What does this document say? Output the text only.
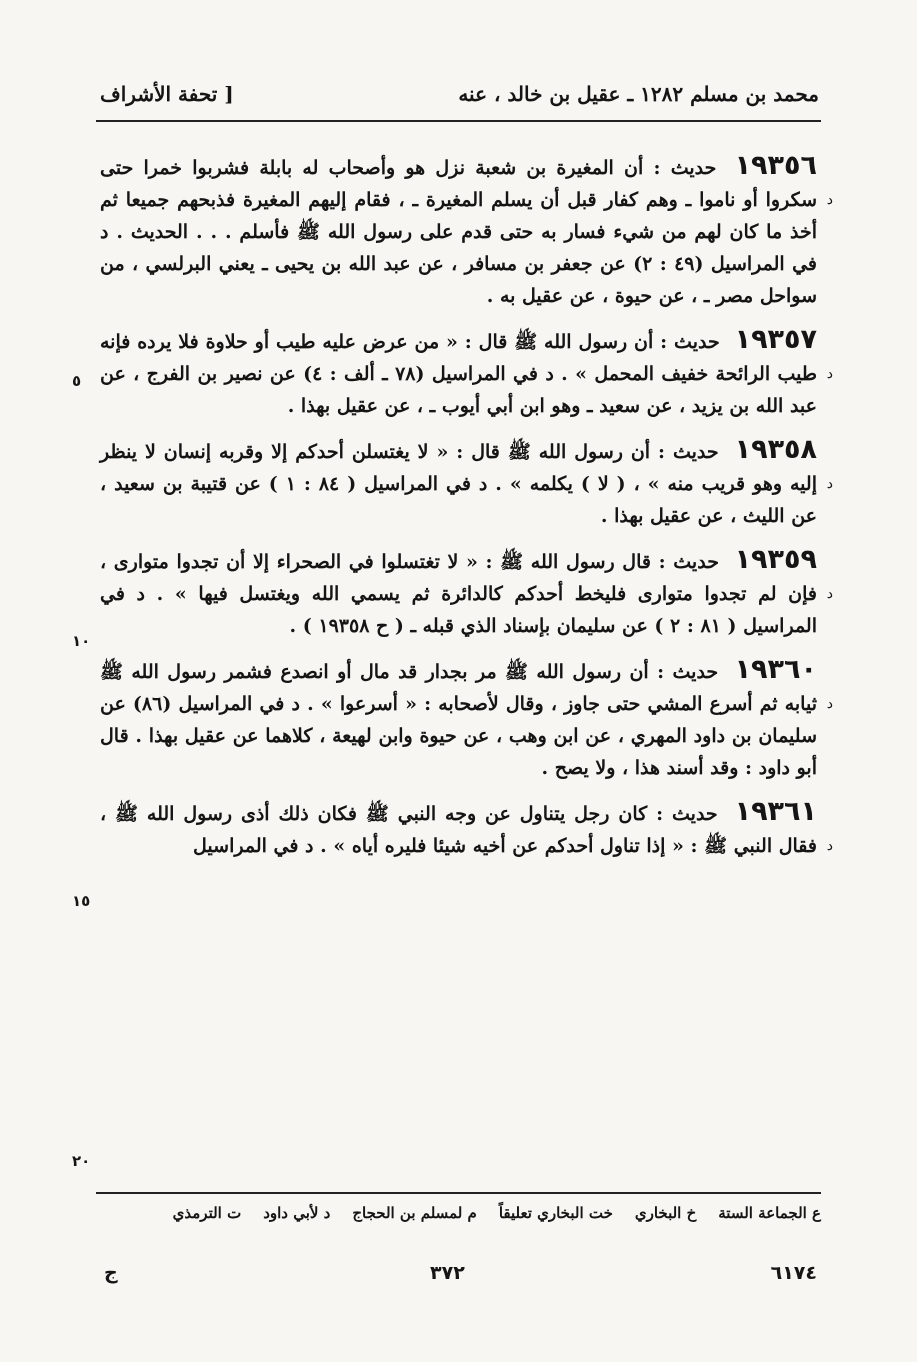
محمد بن مسلم ١٢٨٢ ـ عقيل بن خالد ، عنه
[ تحفة الأشراف

١٩٣٥٦
د
حديث : أن المغيرة بن شعبة نزل هو وأصحاب له بابلة فشربوا خمرا حتى سكروا أو ناموا ـ وهم كفار قبل أن يسلم المغيرة ـ ، فقام إليهم المغيرة فذبحهم جميعا ثم أخذ ما كان لهم من شيء فسار به حتى قدم على رسول الله ﷺ فأسلم . . . الحديث . د في المراسيل (٤٩ : ٢) عن جعفر بن مسافر ، عن عبد الله بن يحيى ـ يعني البرلسي ، من سواحل مصر ـ ، عن حيوة ، عن عقيل به .

١٩٣٥٧
د
حديث : أن رسول الله ﷺ قال : « من عرض عليه طيب أو حلاوة فلا يرده فإنه طيب الرائحة خفيف المحمل » . د في المراسيل (٧٨ ـ ألف : ٤) عن نصير بن الفرج ، عن عبد الله بن يزيد ، عن سعيد ـ وهو ابن أبي أيوب ـ ، عن عقيل بهذا .

١٩٣٥٨
د
حديث : أن رسول الله ﷺ قال : « لا يغتسلن أحدكم إلا وقربه إنسان لا ينظر إليه وهو قريب منه » ، ( لا ) يكلمه » . د في المراسيل ( ٨٤ : ١ ) عن قتيبة بن سعيد ، عن الليث ، عن عقيل بهذا .

١٩٣٥٩
د
حديث : قال رسول الله ﷺ : « لا تغتسلوا في الصحراء إلا أن تجدوا متوارى ، فإن لم تجدوا متوارى فليخط أحدكم كالدائرة ثم يسمي الله ويغتسل فيها » . د في المراسيل ( ٨١ : ٢ ) عن سليمان بإسناد الذي قبله ـ ( ح ١٩٣٥٨ ) .

١٩٣٦٠
د
حديث : أن رسول الله ﷺ مر بجدار قد مال أو انصدع فشمر رسول الله ﷺ ثيابه ثم أسرع المشي حتى جاوز ، وقال لأصحابه : « أسرعوا » . د في المراسيل (٨٦) عن سليمان بن داود المهري ، عن ابن وهب ، عن حيوة وابن لهيعة ، كلاهما عن عقيل بهذا . قال أبو داود : وقد أسند هذا ، ولا يصح .

١٩٣٦١
د
حديث : كان رجل يتناول عن وجه النبي ﷺ فكان ذلك أذى رسول الله ﷺ ، فقال النبي ﷺ : « إذا تناول أحدكم عن أخيه شيئا فليره أياه » . د في المراسيل

٥
١٠
١٥
٢٠
ع الجماعة الستة
خ البخاري
خت البخاري تعليقاً
م لمسلم بن الحجاج
د لأبي داود
ت الترمذي
٦١٧٤
٣٧٢
ج
